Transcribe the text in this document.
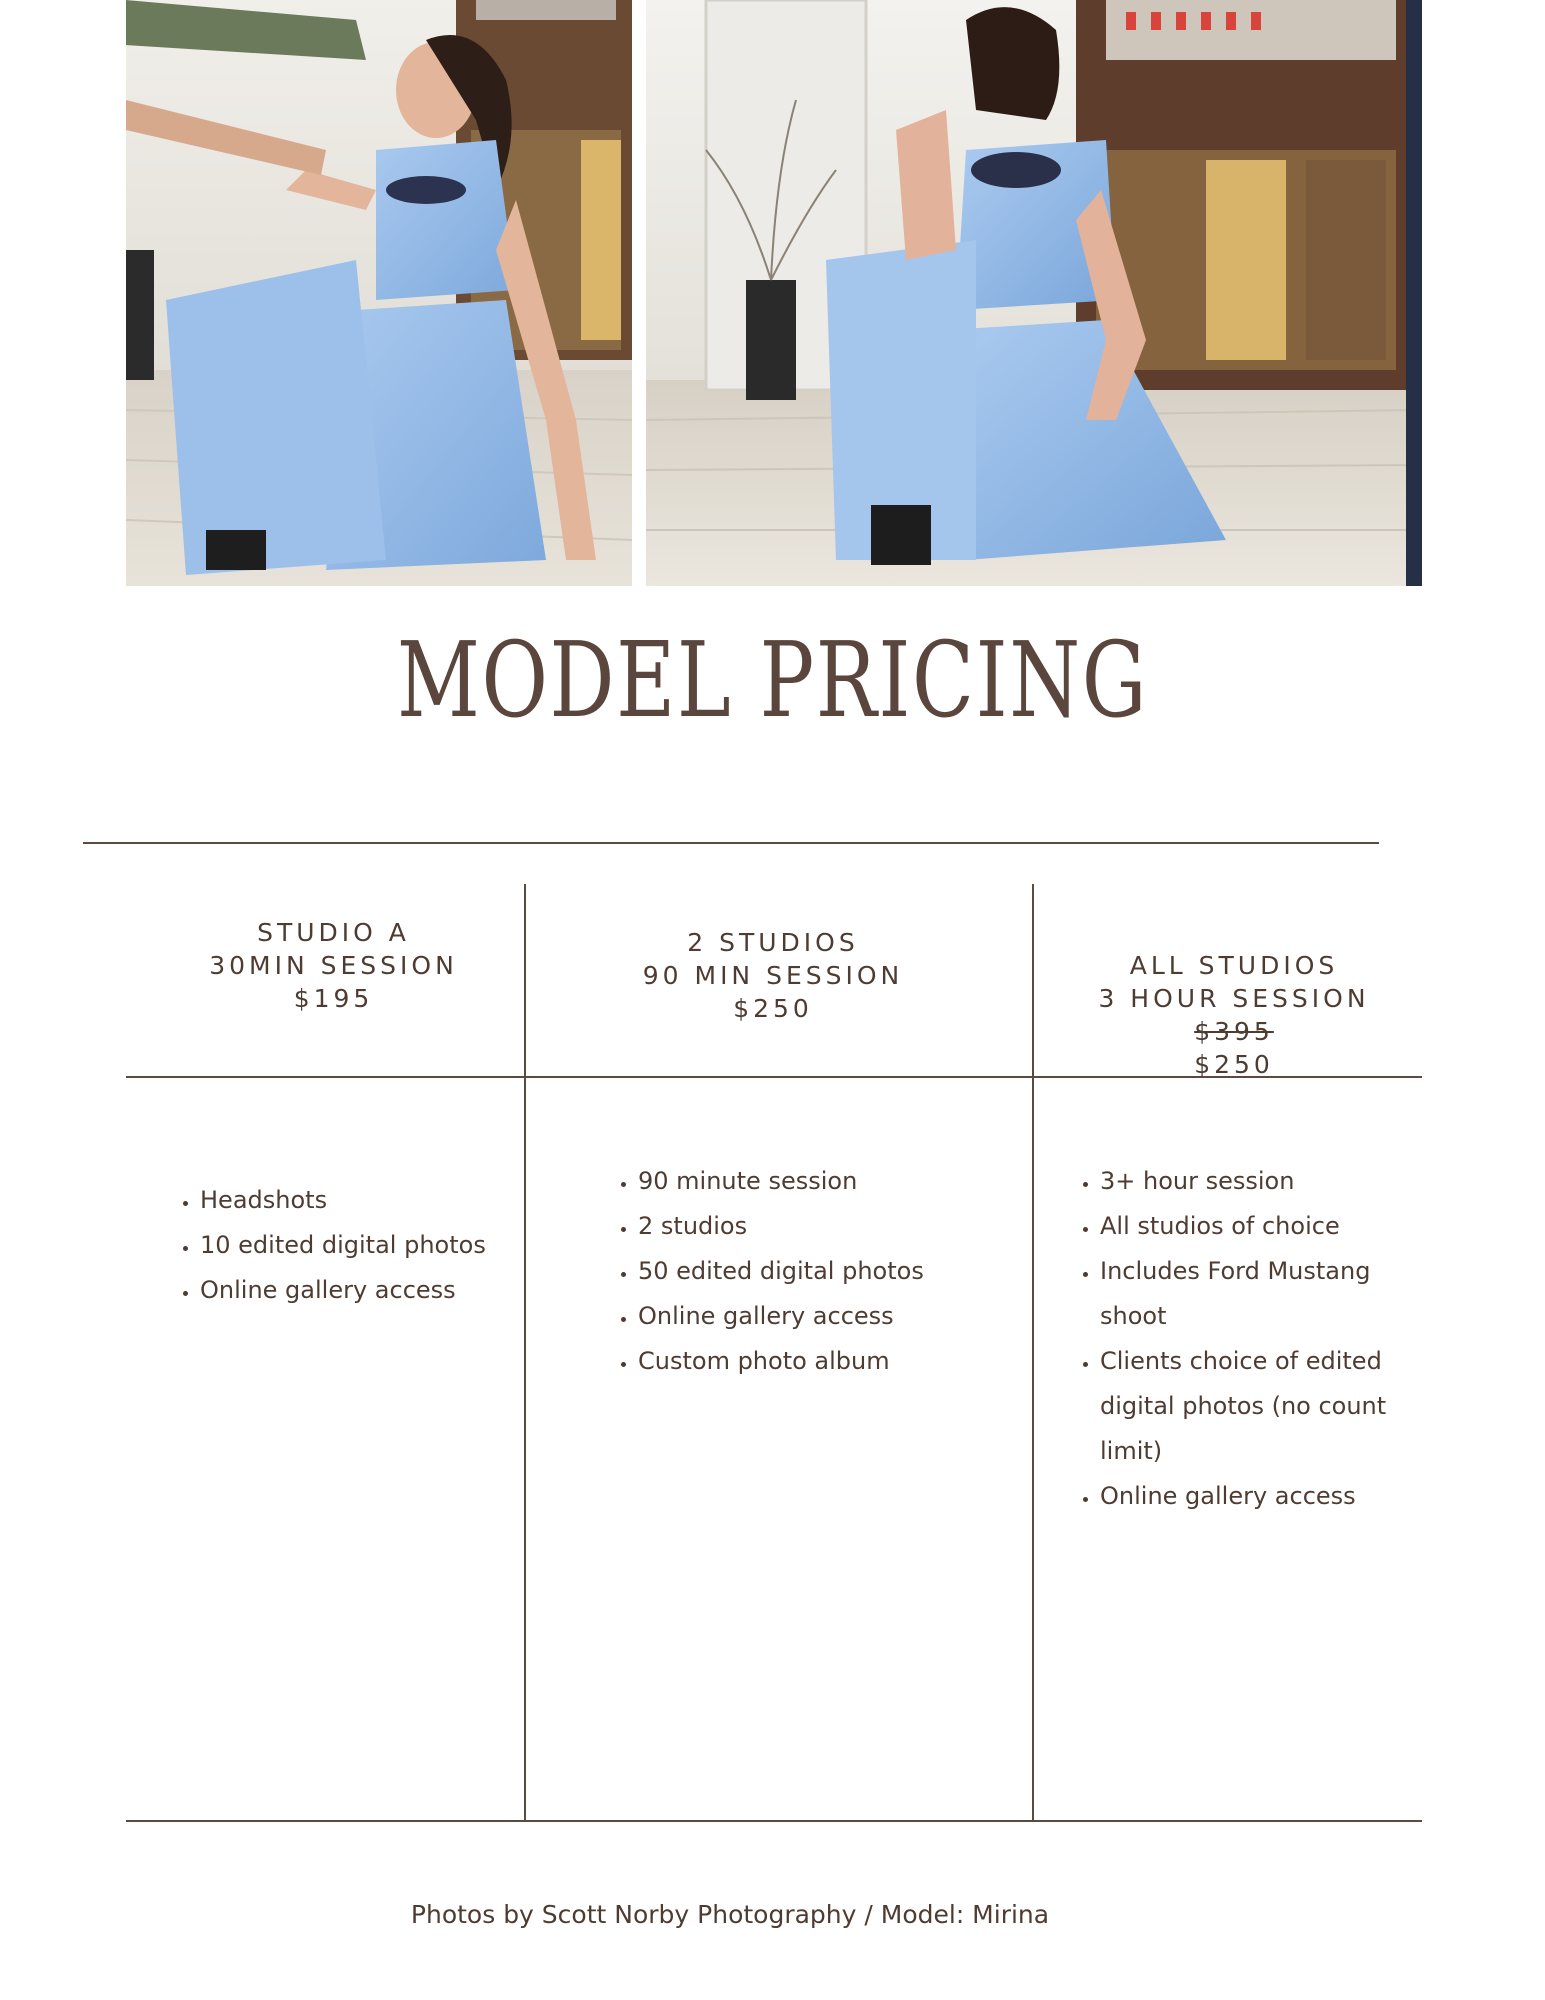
MODEL PRICING
STUDIO A
30MIN SESSION
$195
2 STUDIOS
90 MIN SESSION
$250
ALL STUDIOS
3 HOUR SESSION
$395
$250
• Headshots
• 10 edited digital photos
• Online gallery access
• 90 minute session
• 2 studios
• 50 edited digital photos
• Online gallery access
• Custom photo album
• 3+ hour session
• All studios of choice
• Includes Ford Mustang shoot
• Clients choice of edited digital photos (no count limit)
• Online gallery access
Photos by Scott Norby Photography / Model: Mirina
